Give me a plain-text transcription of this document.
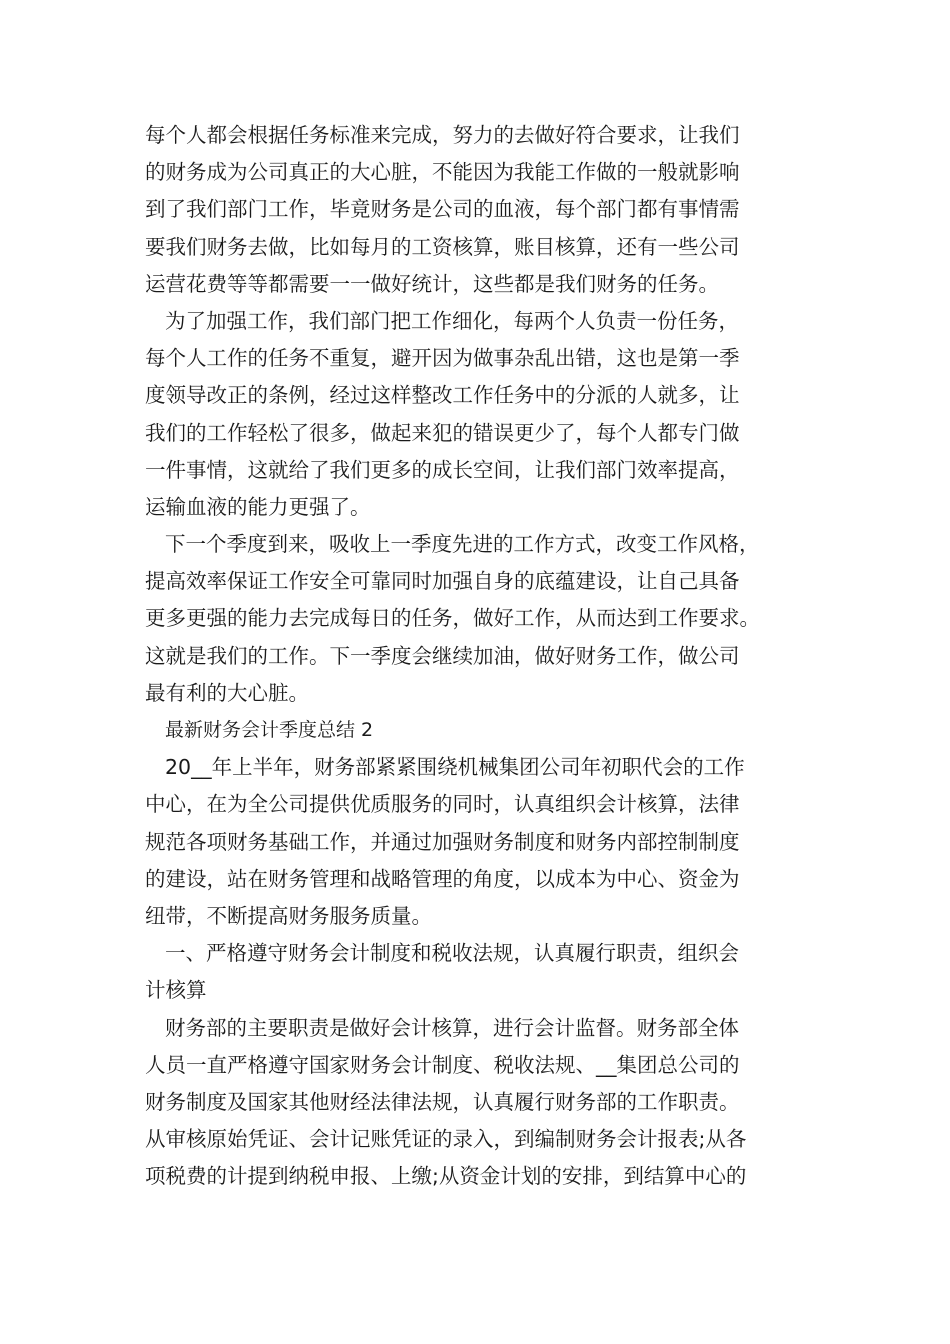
每个人都会根据任务标准来完成，努力的去做好符合要求，让我们
的财务成为公司真正的大心脏，不能因为我能工作做的一般就影响
到了我们部门工作，毕竟财务是公司的血液，每个部门都有事情需
要我们财务去做，比如每月的工资核算，账目核算，还有一些公司
运营花费等等都需要一一做好统计，这些都是我们财务的任务。
为了加强工作，我们部门把工作细化，每两个人负责一份任务，
每个人工作的任务不重复，避开因为做事杂乱出错，这也是第一季
度领导改正的条例，经过这样整改工作任务中的分派的人就多，让
我们的工作轻松了很多，做起来犯的错误更少了，每个人都专门做
一件事情，这就给了我们更多的成长空间，让我们部门效率提高，
运输血液的能力更强了。
下一个季度到来，吸收上一季度先进的工作方式，改变工作风格，
提高效率保证工作安全可靠同时加强自身的底蕴建设，让自己具备
更多更强的能力去完成每日的任务，做好工作，从而达到工作要求。
这就是我们的工作。下一季度会继续加油，做好财务工作，做公司
最有利的大心脏。
最新财务会计季度总结 2
20__年上半年，财务部紧紧围绕机械集团公司年初职代会的工作
中心，在为全公司提供优质服务的同时，认真组织会计核算，法律
规范各项财务基础工作，并通过加强财务制度和财务内部控制制度
的建设，站在财务管理和战略管理的角度，以成本为中心、资金为
纽带，不断提高财务服务质量。
一、严格遵守财务会计制度和税收法规，认真履行职责，组织会
计核算
财务部的主要职责是做好会计核算，进行会计监督。财务部全体
人员一直严格遵守国家财务会计制度、税收法规、__集团总公司的
财务制度及国家其他财经法律法规，认真履行财务部的工作职责。
从审核原始凭证、会计记账凭证的录入，到编制财务会计报表;从各
项税费的计提到纳税申报、上缴;从资金计划的安排，到结算中心的
